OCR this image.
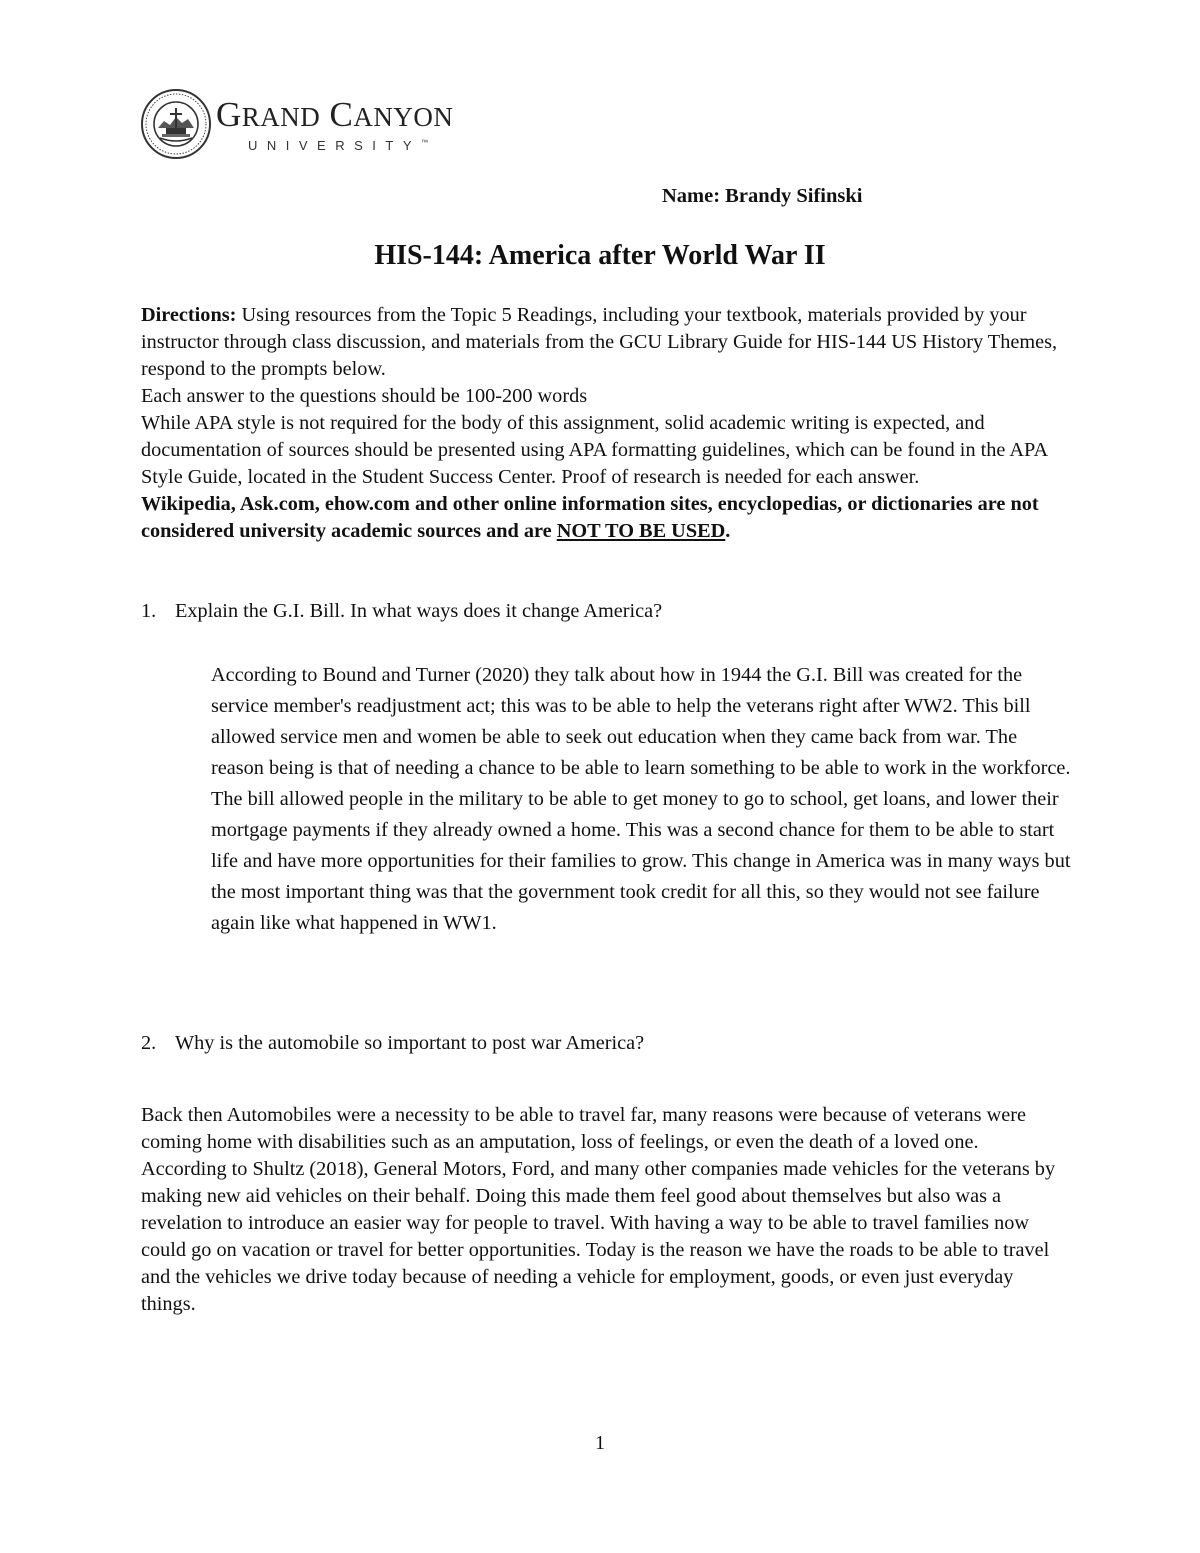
GRAND CANYON
UNIVERSITY™
Name: Brandy Sifinski
HIS-144: America after World War II

Directions: Using resources from the Topic 5 Readings, including your textbook, materials provided by your instructor through class discussion, and materials from the GCU Library Guide for HIS-144 US History Themes, respond to the prompts below.

Each answer to the questions should be 100-200 words

While APA style is not required for the body of this assignment, solid academic writing is expected, and documentation of sources should be presented using APA formatting guidelines, which can be found in the APA Style Guide, located in the Student Success Center. Proof of research is needed for each answer.

Wikipedia, Ask.com, ehow.com and other online information sites, encyclopedias, or dictionaries are not considered university academic sources and are NOT TO BE USED.

1. Explain the G.I. Bill. In what ways does it change America?

According to Bound and Turner (2020) they talk about how in 1944 the G.I. Bill was created for the service member's readjustment act; this was to be able to help the veterans right after WW2. This bill allowed service men and women be able to seek out education when they came back from war. The reason being is that of needing a chance to be able to learn something to be able to work in the workforce. The bill allowed people in the military to be able to get money to go to school, get loans, and lower their mortgage payments if they already owned a home. This was a second chance for them to be able to start life and have more opportunities for their families to grow. This change in America was in many ways but the most important thing was that the government took credit for all this, so they would not see failure again like what happened in WW1.

2. Why is the automobile so important to post war America?

Back then Automobiles were a necessity to be able to travel far, many reasons were because of veterans were coming home with disabilities such as an amputation, loss of feelings, or even the death of a loved one. According to Shultz (2018), General Motors, Ford, and many other companies made vehicles for the veterans by making new aid vehicles on their behalf. Doing this made them feel good about themselves but also was a revelation to introduce an easier way for people to travel. With having a way to be able to travel families now could go on vacation or travel for better opportunities. Today is the reason we have the roads to be able to travel and the vehicles we drive today because of needing a vehicle for employment, goods, or even just everyday things.

1
